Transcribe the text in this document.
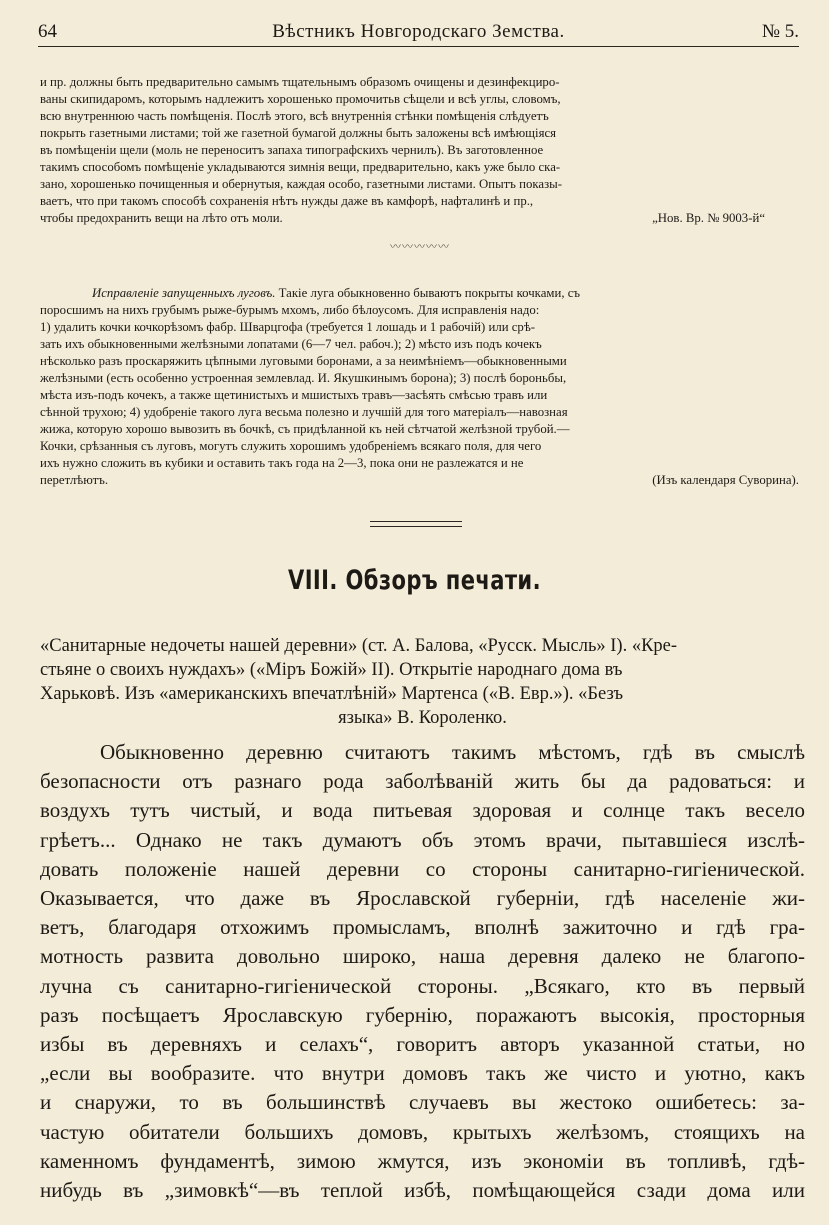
64	Вѣстникъ Новгородскаго Земства.	№ 5.

и пр. должны быть предварительно самымъ тщательнымъ образомъ очищены и дезинфекциро-

ваны скипидаромъ, которымъ надлежитъ хорошенько промочитьв сѣщели и всѣ углы, словомъ,

всю внутреннюю часть помѣщенія. Послѣ этого, всѣ внутреннія стѣнки помѣщенія слѣдуетъ

покрыть газетными листами; той же газетной бумагой должны быть заложены всѣ имѣющіяся

въ помѣщеніи щели (моль не переноситъ запаха типографскихъ чернилъ). Въ заготовленное

такимъ способомъ помѣщеніе укладываются зимнія вещи, предварительно, какъ уже было ска-

зано, хорошенько почищенныя и обернутыя, каждая особо, газетными листами. Опытъ показы-

ваетъ, что при такомъ способѣ сохраненія нѣтъ нужды даже въ камфорѣ, нафталинѣ и пр.,

чтобы предохранить вещи на лѣто отъ моли.	„Нов. Вр. № 9003-й“

〰〰〰〰〰

Исправленіе запущенныхъ луговъ. Такіе луга обыкновенно бываютъ покрыты кочками, съ

поросшимъ на нихъ грубымъ рыже-бурымъ мхомъ, либо бѣлоусомъ. Для исправленія надо:

1) удалить кочки кочкорѣзомъ фабр. Шварцгофа (требуется 1 лошадь и 1 рабочій) или срѣ-

зать ихъ обыкновенными желѣзными лопатами (6—7 чел. рабоч.); 2) мѣсто изъ подъ кочекъ

нѣсколько разъ проскаряжить цѣпными луговыми боронами, а за неимѣніемъ—обыкновенными

желѣзными (есть особенно устроенная землевлад. И. Якушкинымъ борона); 3) послѣ бороньбы,

мѣста изъ-подъ кочекъ, а также щетинистыхъ и мшистыхъ травъ—засѣять смѣсью травъ или

сѣнной трухою; 4) удобреніе такого луга весьма полезно и лучшій для того матеріалъ—навозная

жижа, которую хорошо вывозить въ бочкѣ, съ придѣланной къ ней сѣтчатой желѣзной трубой.—

Кочки, срѣзанныя съ луговъ, могутъ служить хорошимъ удобреніемъ всякаго поля, для чего

ихъ нужно сложить въ кубики и оставить такъ года на 2—3, пока они не разлежатся и не

перетлѣютъ.	(Изъ календаря Суворина).

VIII. Обзоръ печати.
«Санитарные недочеты нашей деревни» (ст. А. Балова, «Русск. Мысль» I). «Кре-
стьяне о своихъ нуждахъ» («Міръ Божій» II). Открытіе народнаго дома въ
Харьковѣ. Изъ «американскихъ впечатлѣній» Мартенса («В. Евр.»). «Безъ
языка» В. Короленко.
Обыкновенно деревню считаютъ такимъ мѣстомъ, гдѣ въ смыслѣ
безопасности отъ разнаго рода заболѣваній жить бы да радоваться: и
воздухъ тутъ чистый, и вода питьевая здоровая и солнце такъ весело
грѣетъ... Однако не такъ думаютъ объ этомъ врачи, пытавшіеся изслѣ-
довать положеніе нашей деревни со стороны санитарно-гигіенической.
Оказывается, что даже въ Ярославской губерніи, гдѣ населеніе жи-
ветъ, благодаря отхожимъ промысламъ, вполнѣ зажиточно и гдѣ гра-
мотность развита довольно широко, наша деревня далеко не благопо-
лучна съ санитарно-гигіенической стороны. „Всякаго, кто въ первый
разъ посѣщаетъ Ярославскую губернію, поражаютъ высокія, просторныя
избы въ деревняхъ и селахъ“, говоритъ авторъ указанной статьи, но
„если вы вообразите. что внутри домовъ такъ же чисто и уютно, какъ
и снаружи, то въ большинствѣ случаевъ вы жестоко ошибетесь: за-
частую обитатели большихъ домовъ, крытыхъ желѣзомъ, стоящихъ на
каменномъ фундаментѣ, зимою жмутся, изъ экономіи въ топливѣ, гдѣ-
нибудь въ „зимовкѣ“—въ теплой избѣ, помѣщающейся сзади дома или
